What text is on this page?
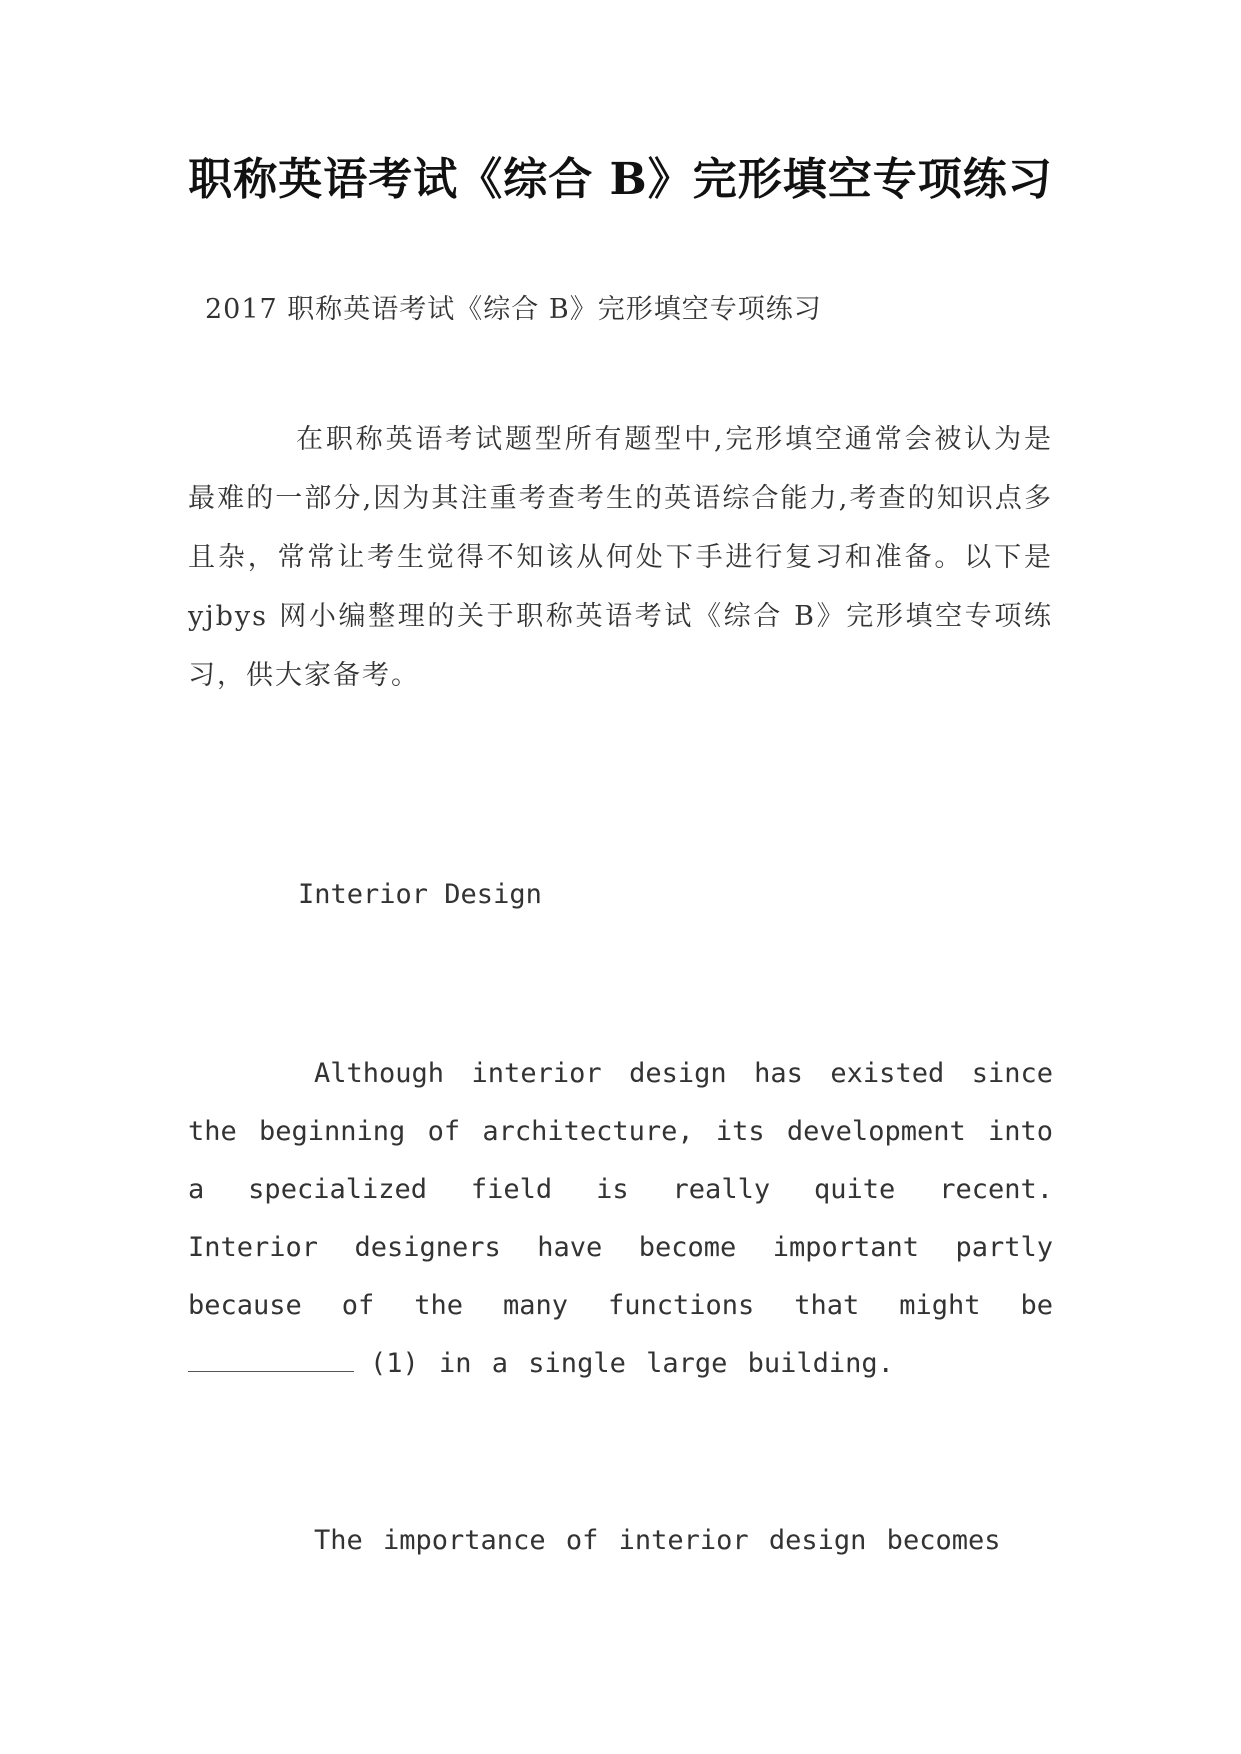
职称英语考试《综合 B》完形填空专项练习
2017 职称英语考试《综合 B》完形填空专项练习
在职称英语考试题型所有题型中,完形填空通常会被认为是最难的一部分,因为其注重考查考生的英语综合能力,考查的知识点多且杂，常常让考生觉得不知该从何处下手进行复习和准备。以下是 yjbys 网小编整理的关于职称英语考试《综合 B》完形填空专项练习，供大家备考。
Interior Design
Although interior design has existed since the beginning of architecture, its development into a specialized field is really quite recent. Interior designers have become important partly because of the many functions that might be (1) in a single large building.
The importance of interior design becomes
